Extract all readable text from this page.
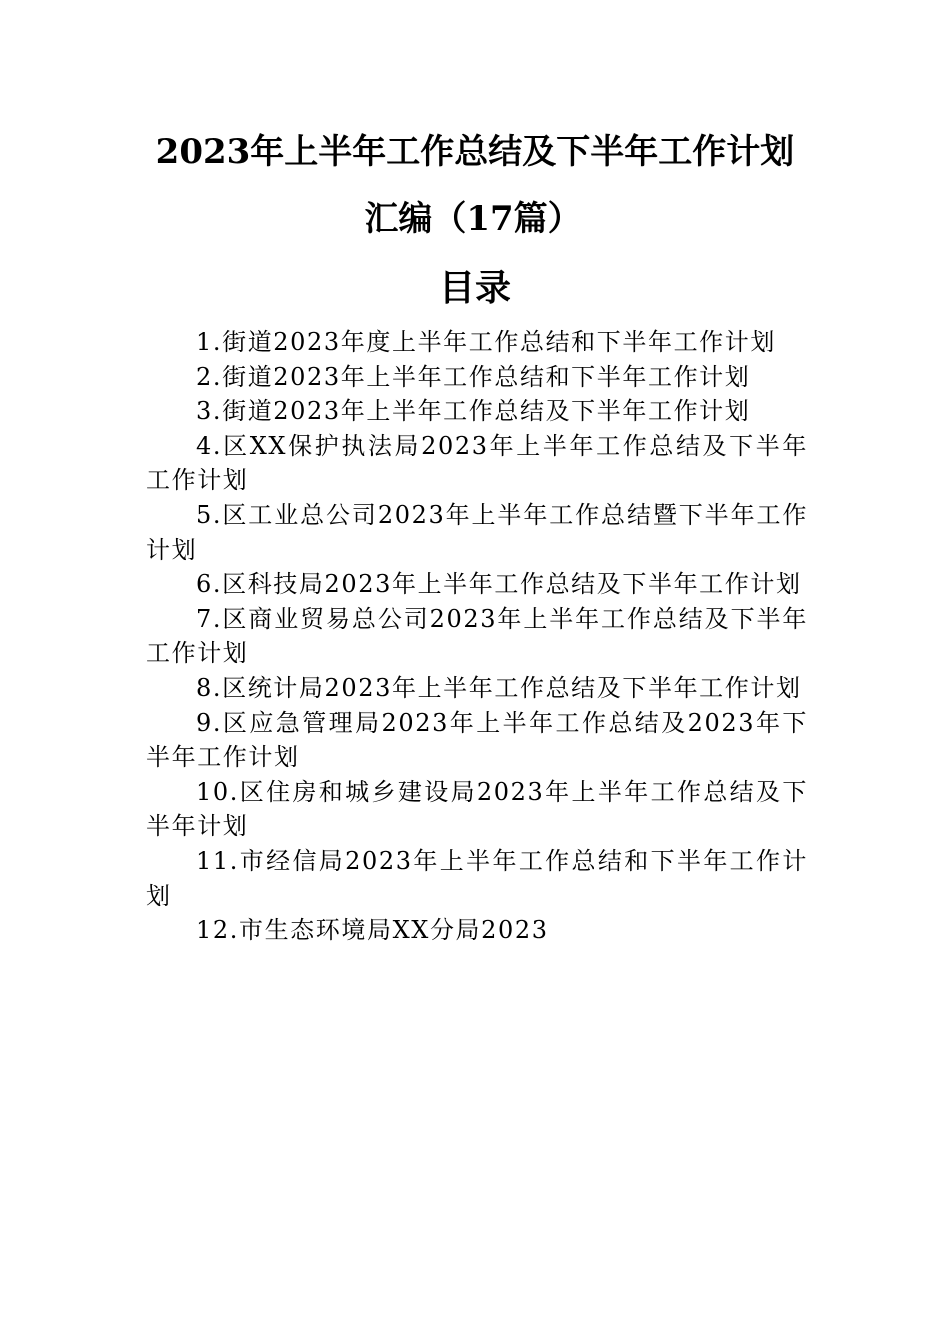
2023年上半年工作总结及下半年工作计划
汇编（17篇）
目录
1.街道2023年度上半年工作总结和下半年工作计划
2.街道2023年上半年工作总结和下半年工作计划
3.街道2023年上半年工作总结及下半年工作计划
4.区XX保护执法局2023年上半年工作总结及下半年工作计划
5.区工业总公司2023年上半年工作总结暨下半年工作计划
6.区科技局2023年上半年工作总结及下半年工作计划
7.区商业贸易总公司2023年上半年工作总结及下半年工作计划
8.区统计局2023年上半年工作总结及下半年工作计划
9.区应急管理局2023年上半年工作总结及2023年下半年工作计划
10.区住房和城乡建设局2023年上半年工作总结及下半年计划
11.市经信局2023年上半年工作总结和下半年工作计划
12.市生态环境局XX分局2023
